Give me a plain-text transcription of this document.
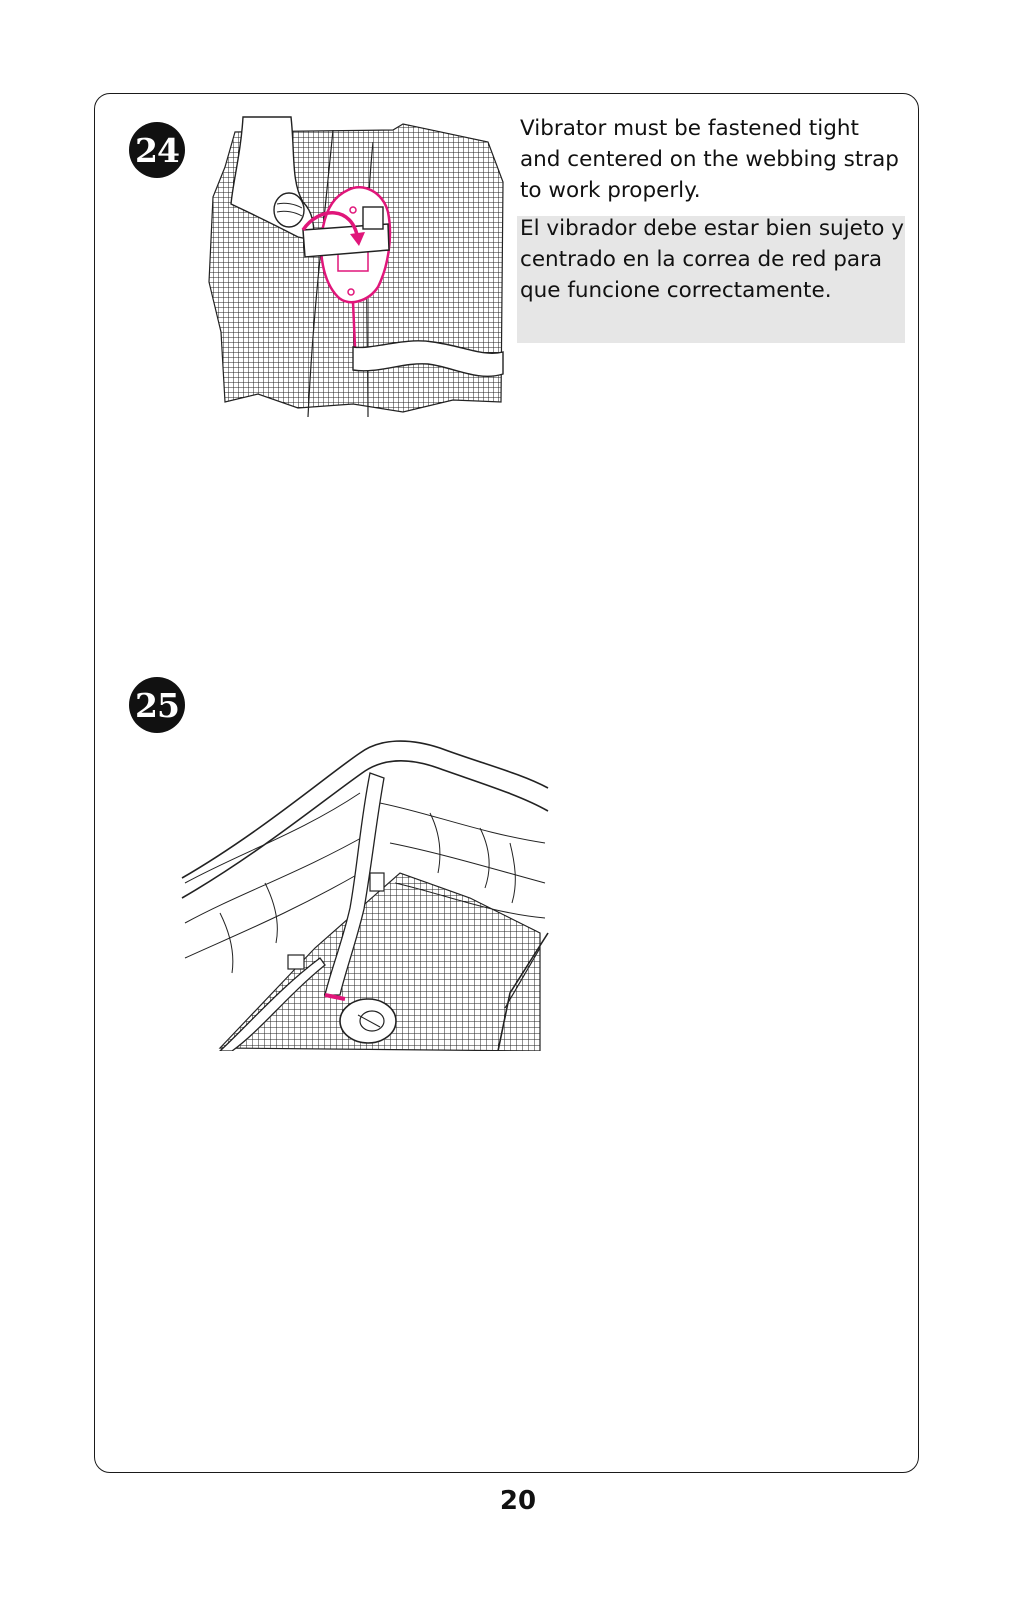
24
Vibrator must be fastened tight and centered on the webbing strap to work properly.
El vibrador debe estar bien sujeto y centrado en la correa de red para que funcione correctamente.
25
20
